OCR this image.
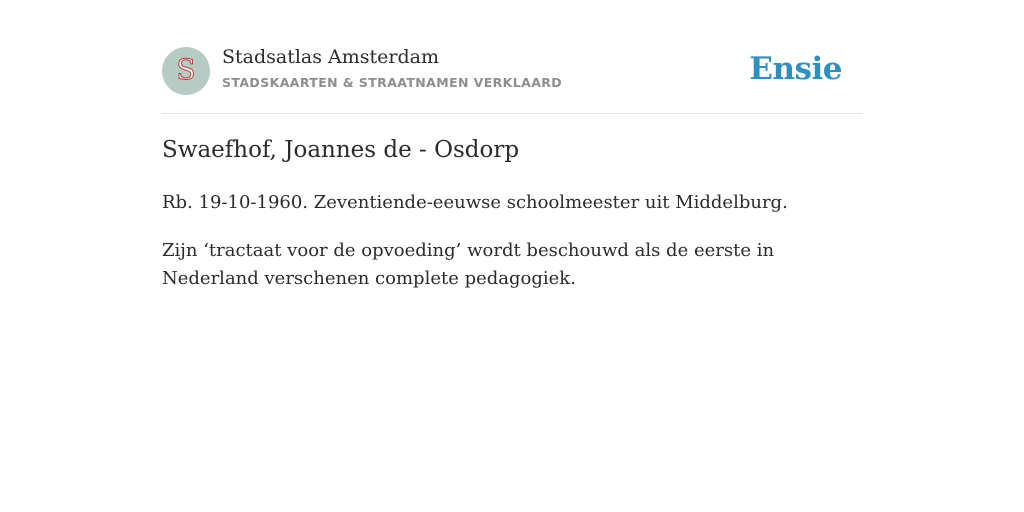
S Stadsatlas Amsterdam
STADSKAARTEN & STRAATNAMEN VERKLAARD	Ensie
Swaefhof, Joannes de - Osdorp

Rb. 19-10-1960. Zeventiende-eeuwse schoolmeester uit Middelburg.

Zijn ‘tractaat voor de opvoeding’ wordt beschouwd als de eerste in Nederland verschenen complete pedagogiek.
